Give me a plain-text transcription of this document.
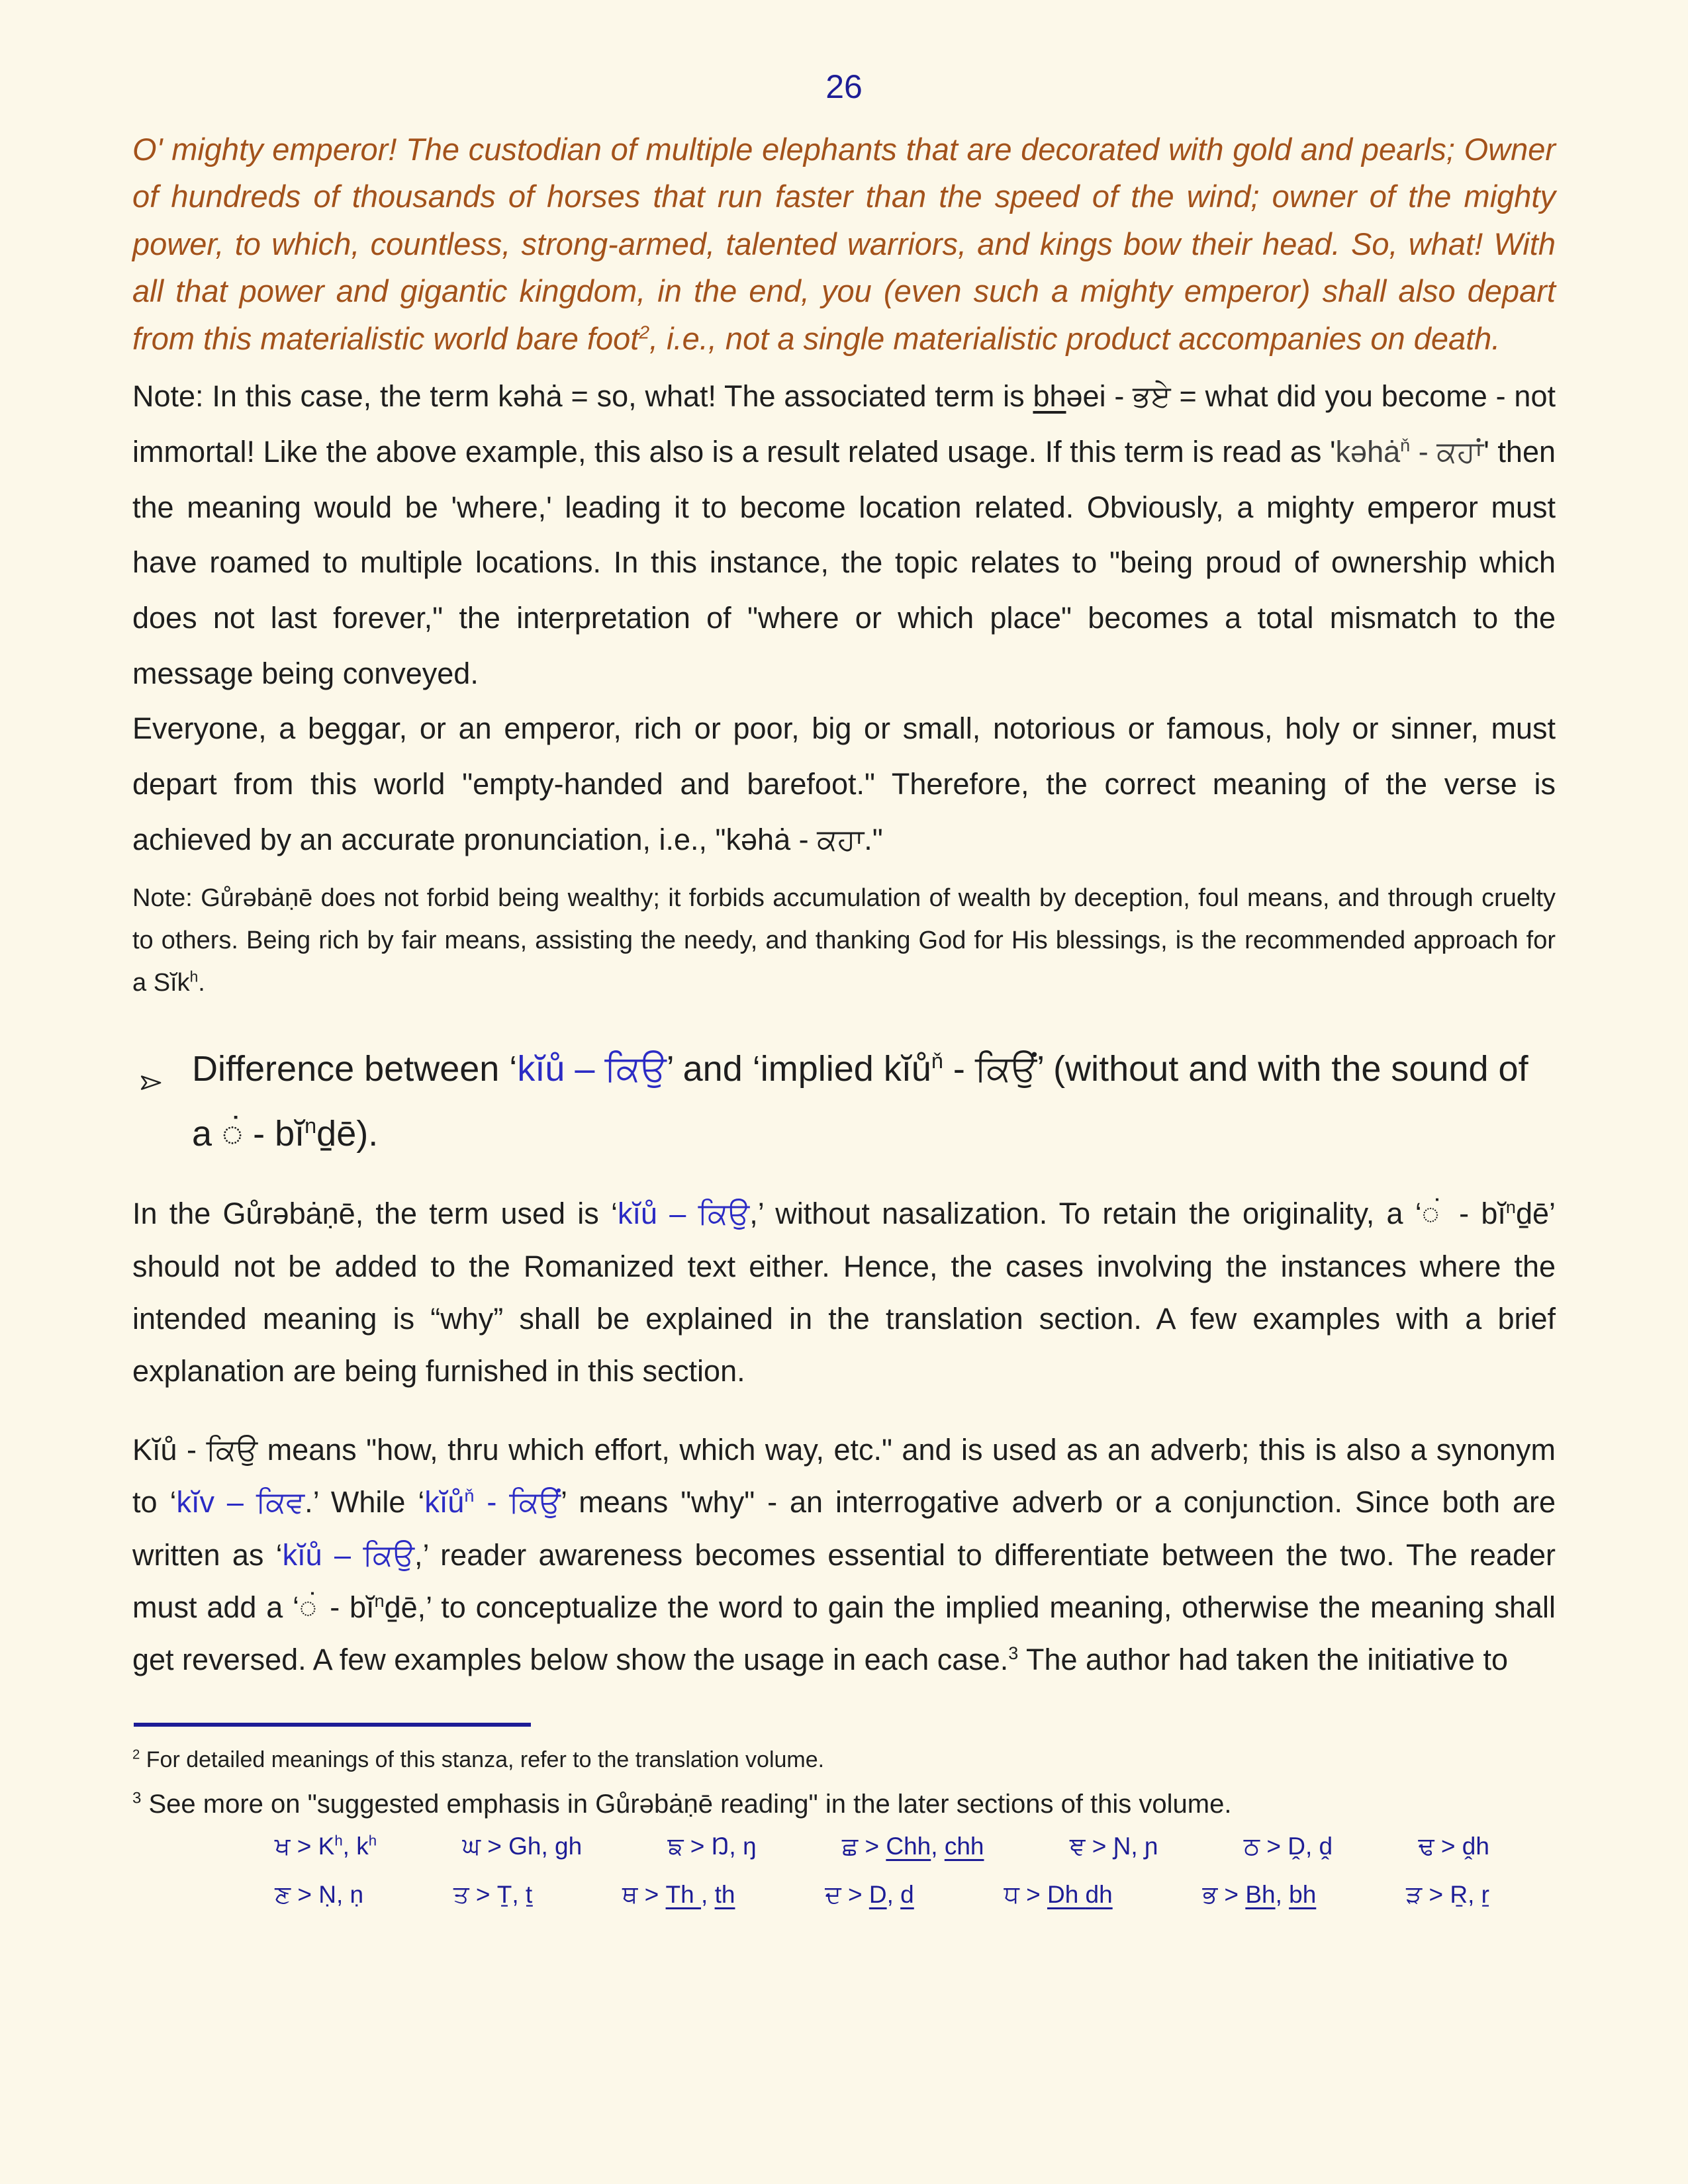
26

O' mighty emperor! The custodian of multiple elephants that are decorated with gold and pearls; Owner of hundreds of thousands of horses that run faster than the speed of the wind; owner of the mighty power, to which, countless, strong-armed, talented warriors, and kings bow their head. So, what! With all that power and gigantic kingdom, in the end, you (even such a mighty emperor) shall also depart from this materialistic world bare foot$^2$, i.e., not a single materialistic product accompanies on death.

Note: In this case, the term kəhȧ = so, what! The associated term is bhəei - ਭਏ = what did you become - not immortal! Like the above example, this also is a result related usage. If this term is read as 'kəhȧ$^ň$ - ਕਹਾਂ' then the meaning would be 'where,' leading it to become location related. Obviously, a mighty emperor must have roamed to multiple locations. In this instance, the topic relates to "being proud of ownership which does not last forever," the interpretation of "where or which place" becomes a total mismatch to the message being conveyed.

Everyone, a beggar, or an emperor, rich or poor, big or small, notorious or famous, holy or sinner, must depart from this world "empty-handed and barefoot." Therefore, the correct meaning of the verse is achieved by an accurate pronunciation, i.e., "kəhȧ - ਕਹਾ."

Note: Gůrəbȧṇē does not forbid being wealthy; it forbids accumulation of wealth by deception, foul means, and through cruelty to others. Being rich by fair means, assisting the needy, and thanking God for His blessings, is the recommended approach for a Sĭk$^h$.

Difference between ‘kĭů – ਕਿਉ’ and ‘implied kĭů$^ň$ - ਕਿਉਂ’ (without and with the sound of a ◌̇ - $bĭ^nd̠ē$).

In the Gůrəbȧṇē, the term used is ‘kĭů – ਕਿਉ,’ without nasalization. To retain the originality, a ‘◌̇ - $bĭ^nd̠ē$’ should not be added to the Romanized text either. Hence, the cases involving the instances where the intended meaning is “why” shall be explained in the translation section. A few examples with a brief explanation are being furnished in this section.

Kĭů - ਕਿਉ means "how, thru which effort, which way, etc." and is used as an adverb; this is also a synonym to ‘kĭv – ਕਿਵ.’ While ‘kĭů$^ň$ - ਕਿਉਂ’ means "why" - an interrogative adverb or a conjunction. Since both are written as ‘kĭů – ਕਿਉ,’ reader awareness becomes essential to differentiate between the two. The reader must add a ‘◌̇ - $bĭ^nd̠ē$,’ to conceptualize the word to gain the implied meaning, otherwise the meaning shall get reversed. A few examples below show the usage in each case.$^3$ The author had taken the initiative to

$^2$ For detailed meanings of this stanza, refer to the translation volume.

$^3$ See more on "suggested emphasis in Gůrəbȧṇē reading" in the later sections of this volume.

ਖ > $K^h$, $k^h$	ਘ > Gh, gh	ਙ > Ŋ, ŋ	ਛ > Chh, chh	ਞ > Ɲ, ɲ	ਠ > Ḓ, ḓ	ਢ > ḓh
ਣ > Ṇ, ṇ	ਤ > Ṯ, ṯ	ਥ > Th , th	ਦ > D, d	ਧ > Dh dh	ਭ > Bh, bh	ੜ > Ṟ, ṟ
